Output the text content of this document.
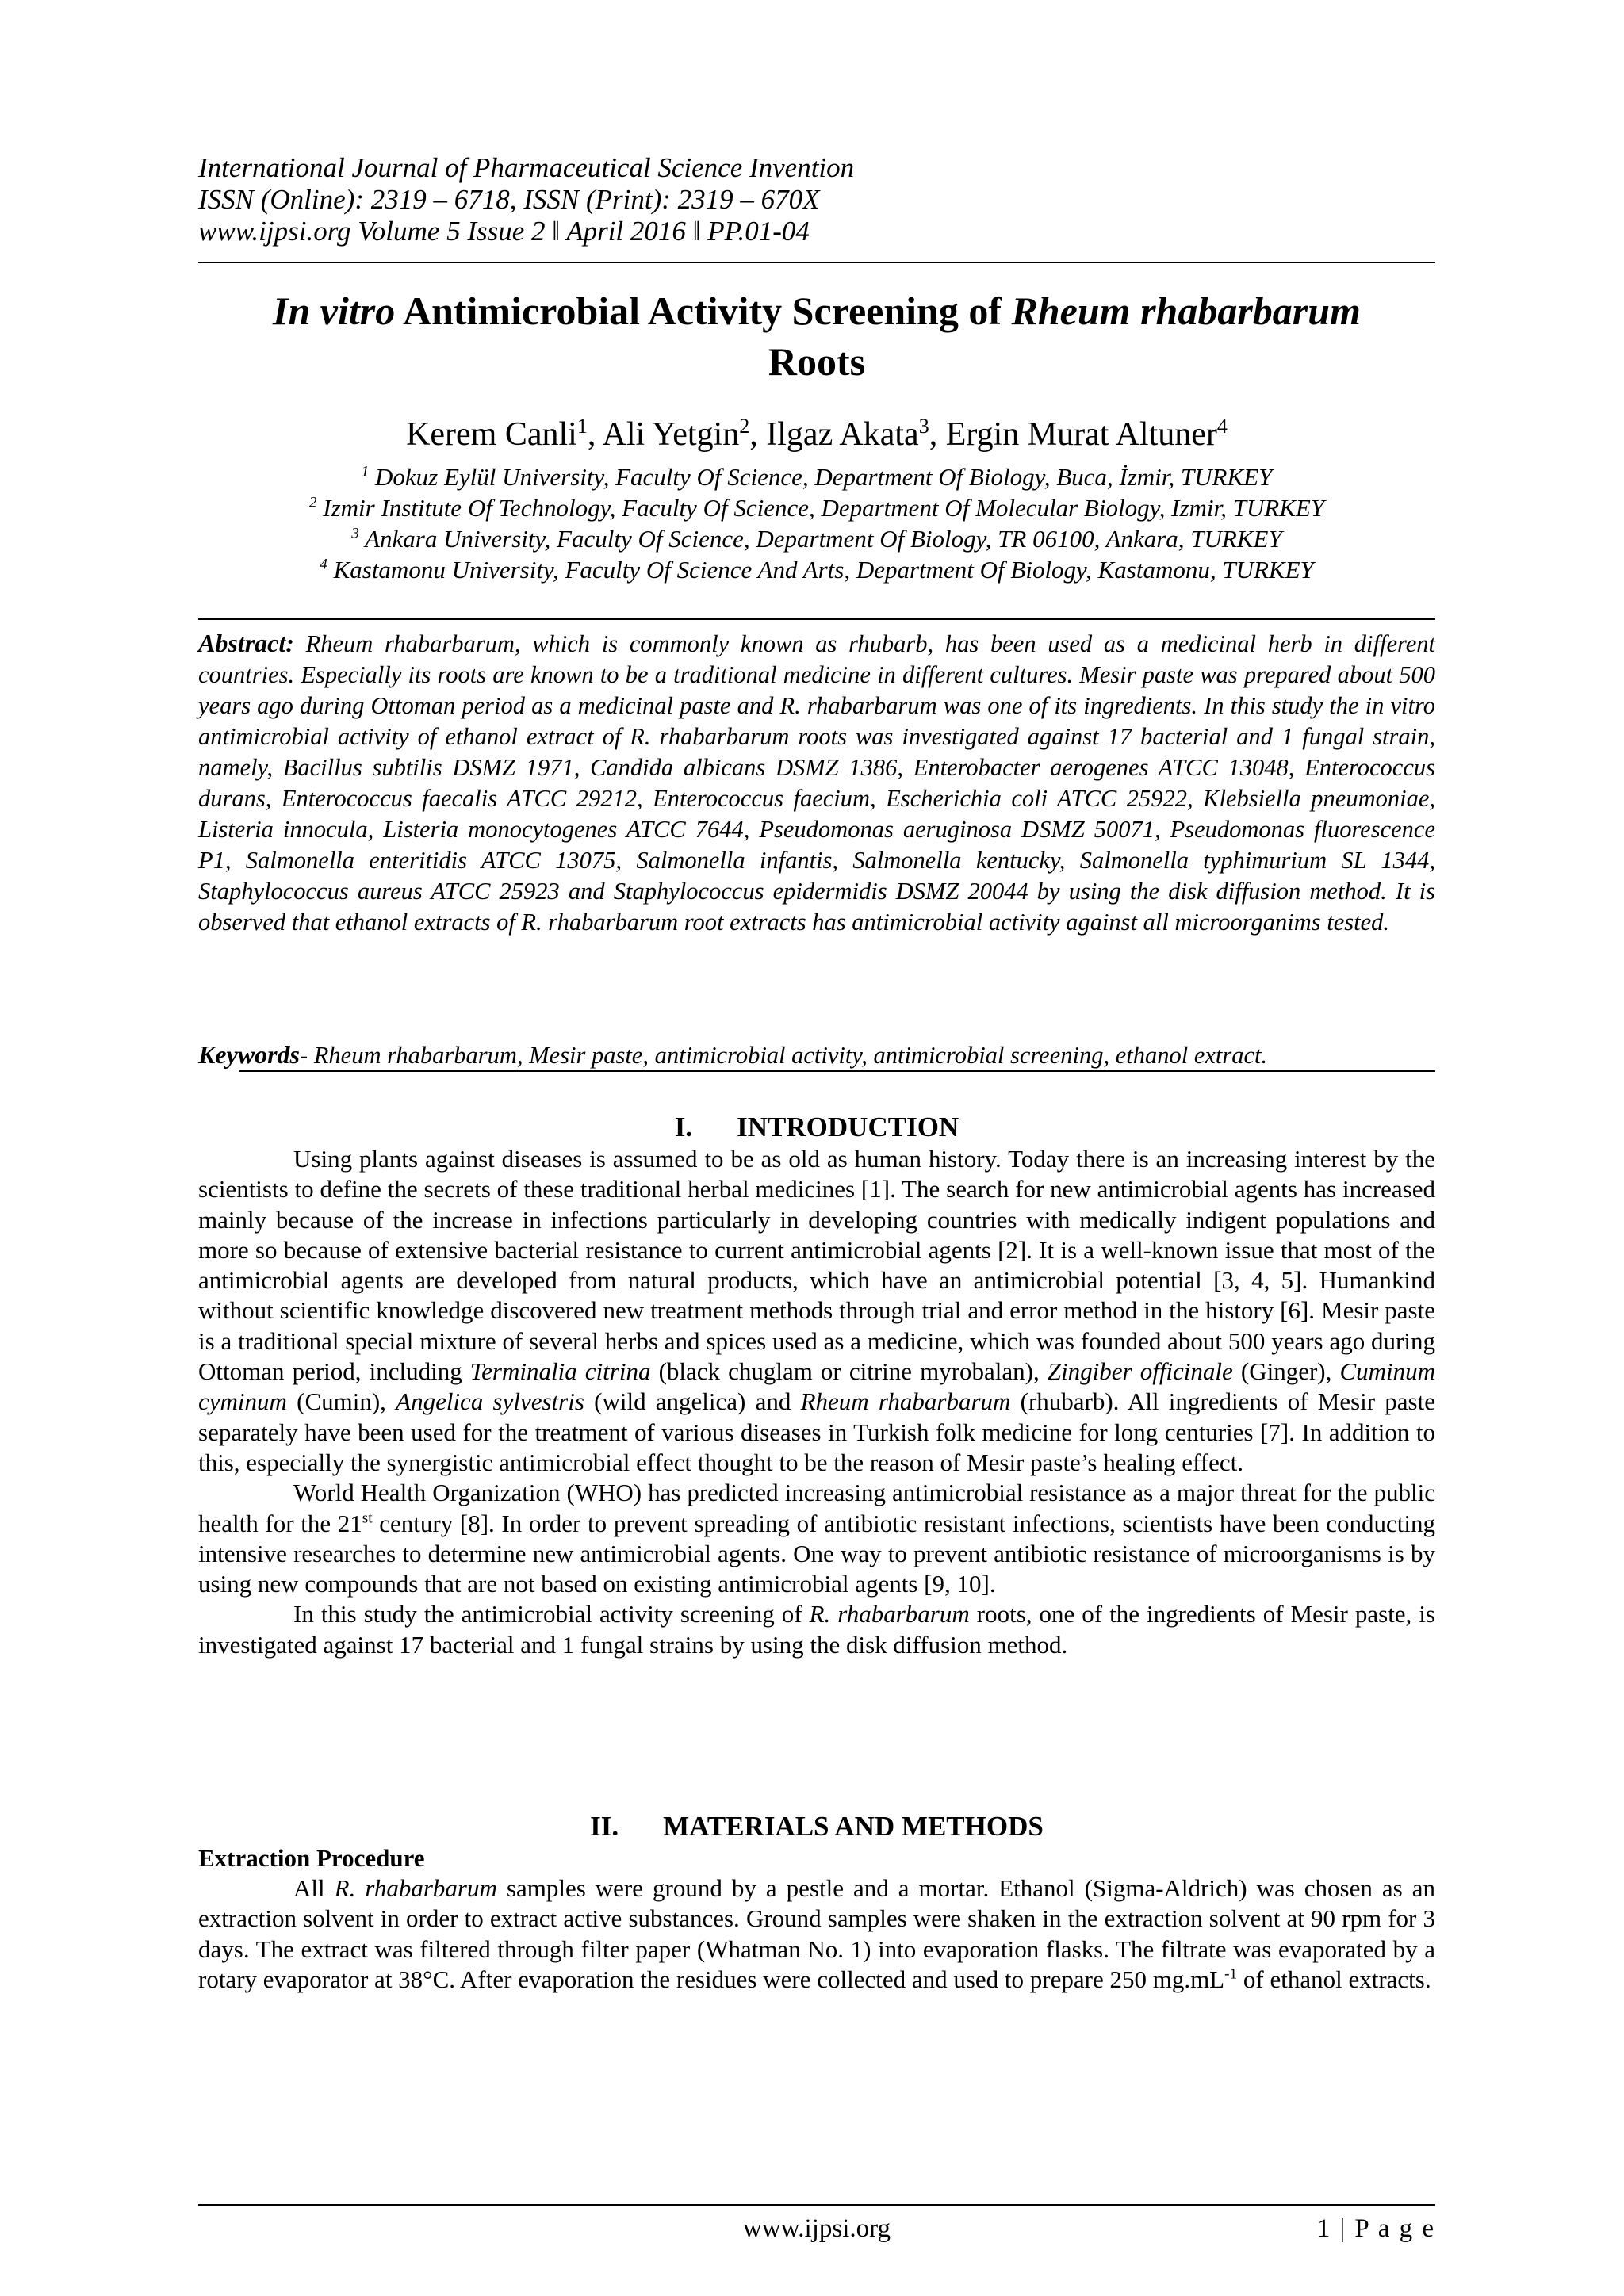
International Journal of Pharmaceutical Science Invention
ISSN (Online): 2319 – 6718, ISSN (Print): 2319 – 670X
www.ijpsi.org Volume 5 Issue 2 ǁ April 2016 ǁ PP.01-04
In vitro Antimicrobial Activity Screening of Rheum rhabarbarum
Roots
Kerem Canli$^1$, Ali Yetgin$^2$, Ilgaz Akata$^3$, Ergin Murat Altuner$^4$
$^1$ Dokuz Eylül University, Faculty Of Science, Department Of Biology, Buca, İzmir, TURKEY
$^2$ Izmir Institute Of Technology, Faculty Of Science, Department Of Molecular Biology, Izmir, TURKEY
$^3$ Ankara University, Faculty Of Science, Department Of Biology, TR 06100, Ankara, TURKEY
$^4$ Kastamonu University, Faculty Of Science And Arts, Department Of Biology, Kastamonu, TURKEY
Abstract: Rheum rhabarbarum, which is commonly known as rhubarb, has been used as a medicinal herb in different countries. Especially its roots are known to be a traditional medicine in different cultures. Mesir paste was prepared about 500 years ago during Ottoman period as a medicinal paste and R. rhabarbarum was one of its ingredients. In this study the in vitro antimicrobial activity of ethanol extract of R. rhabarbarum roots was investigated against 17 bacterial and 1 fungal strain, namely, Bacillus subtilis DSMZ 1971, Candida albicans DSMZ 1386, Enterobacter aerogenes ATCC 13048, Enterococcus durans, Enterococcus faecalis ATCC 29212, Enterococcus faecium, Escherichia coli ATCC 25922, Klebsiella pneumoniae, Listeria innocula, Listeria monocytogenes ATCC 7644, Pseudomonas aeruginosa DSMZ 50071, Pseudomonas fluorescence P1, Salmonella enteritidis ATCC 13075, Salmonella infantis, Salmonella kentucky, Salmonella typhimurium SL 1344, Staphylococcus aureus ATCC 25923 and Staphylococcus epidermidis DSMZ 20044 by using the disk diffusion method. It is observed that ethanol extracts of R. rhabarbarum root extracts has antimicrobial activity against all microorganims tested.
Keywords- Rheum rhabarbarum, Mesir paste, antimicrobial activity, antimicrobial screening, ethanol extract.
I. INTRODUCTION

Using plants against diseases is assumed to be as old as human history. Today there is an increasing interest by the scientists to define the secrets of these traditional herbal medicines [1]. The search for new antimicrobial agents has increased mainly because of the increase in infections particularly in developing countries with medically indigent populations and more so because of extensive bacterial resistance to current antimicrobial agents [2]. It is a well-known issue that most of the antimicrobial agents are developed from natural products, which have an antimicrobial potential [3, 4, 5]. Humankind without scientific knowledge discovered new treatment methods through trial and error method in the history [6]. Mesir paste is a traditional special mixture of several herbs and spices used as a medicine, which was founded about 500 years ago during Ottoman period, including Terminalia citrina (black chuglam or citrine myrobalan), Zingiber officinale (Ginger), Cuminum cyminum (Cumin), Angelica sylvestris (wild angelica) and Rheum rhabarbarum (rhubarb). All ingredients of Mesir paste separately have been used for the treatment of various diseases in Turkish folk medicine for long centuries [7]. In addition to this, especially the synergistic antimicrobial effect thought to be the reason of Mesir paste’s healing effect.

World Health Organization (WHO) has predicted increasing antimicrobial resistance as a major threat for the public health for the 21st century [8]. In order to prevent spreading of antibiotic resistant infections, scientists have been conducting intensive researches to determine new antimicrobial agents. One way to prevent antibiotic resistance of microorganisms is by using new compounds that are not based on existing antimicrobial agents [9, 10].

In this study the antimicrobial activity screening of R. rhabarbarum roots, one of the ingredients of Mesir paste, is investigated against 17 bacterial and 1 fungal strains by using the disk diffusion method.

II. MATERIALS AND METHODS
Extraction Procedure

All R. rhabarbarum samples were ground by a pestle and a mortar. Ethanol (Sigma-Aldrich) was chosen as an extraction solvent in order to extract active substances. Ground samples were shaken in the extraction solvent at 90 rpm for 3 days. The extract was filtered through filter paper (Whatman No. 1) into evaporation flasks. The filtrate was evaporated by a rotary evaporator at 38°C. After evaporation the residues were collected and used to prepare 250 $mg.mL^{-1}$ of ethanol extracts.

www.ijpsi.org	1 | P a g e
